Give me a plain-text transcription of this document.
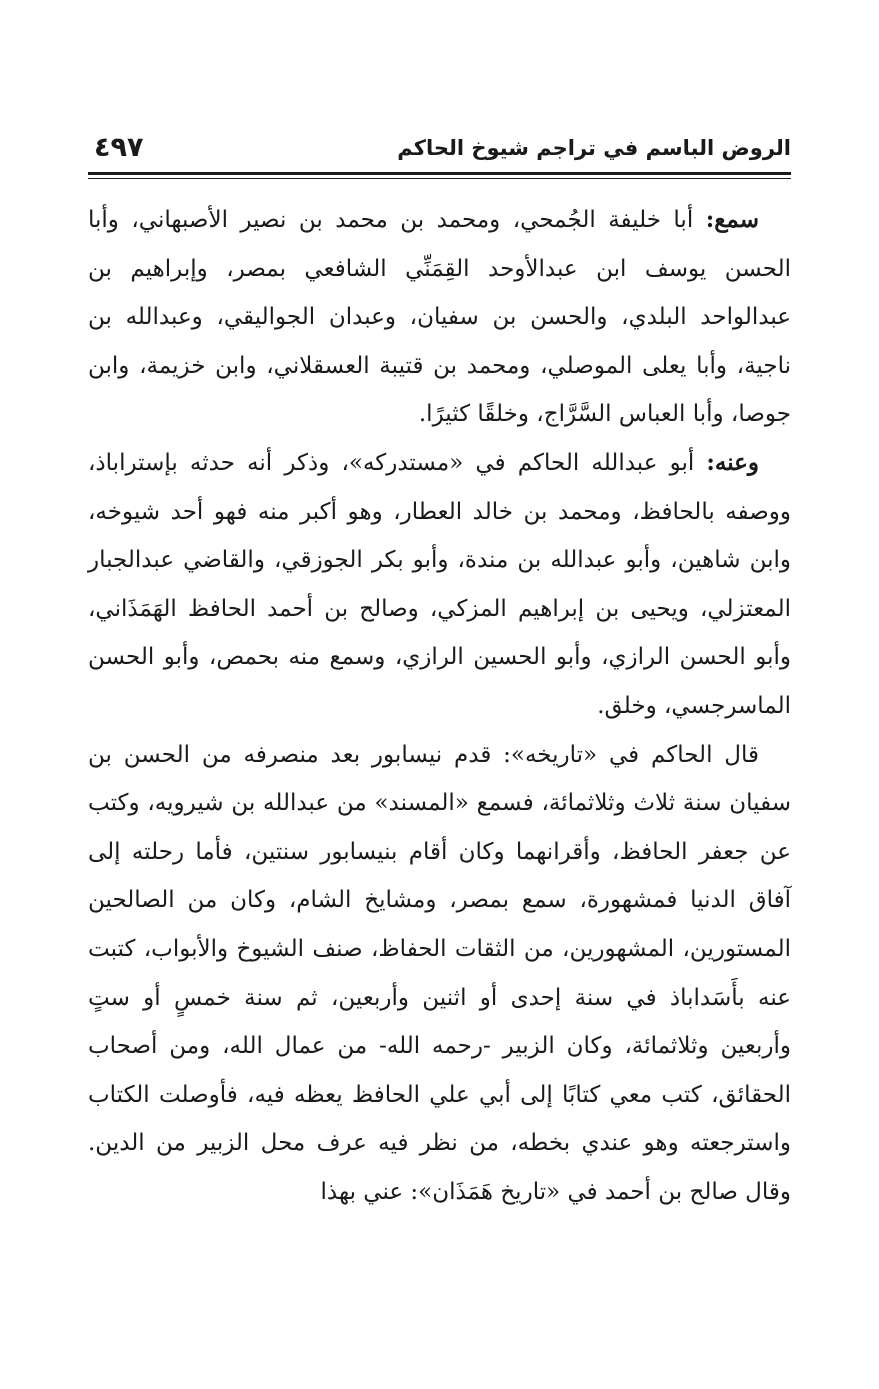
٤٩٧	الروض الباسم في تراجم شيوخ الحاكم

سمع: أبا خليفة الجُمحي، ومحمد بن محمد بن نصير الأصبهاني، وأبا الحسن يوسف ابن عبدالأوحد القِمَنِّي الشافعي بمصر، وإبراهيم بن عبدالواحد البلدي، والحسن بن سفيان، وعبدان الجواليقي، وعبدالله بن ناجية، وأبا يعلى الموصلي، ومحمد بن قتيبة العسقلاني، وابن خزيمة، وابن جوصا، وأبا العباس السَّرَّاج، وخلقًا كثيرًا.

وعنه: أبو عبدالله الحاكم في «مستدركه»، وذكر أنه حدثه بإستراباذ، ووصفه بالحافظ، ومحمد بن خالد العطار، وهو أكبر منه فهو أحد شيوخه، وابن شاهين، وأبو عبدالله بن مندة، وأبو بكر الجوزقي، والقاضي عبدالجبار المعتزلي، ويحيى بن إبراهيم المزكي، وصالح بن أحمد الحافظ الهَمَذَاني، وأبو الحسن الرازي، وأبو الحسين الرازي، وسمع منه بحمص، وأبو الحسن الماسرجسي، وخلق.

قال الحاكم في «تاريخه»: قدم نيسابور بعد منصرفه من الحسن بن سفيان سنة ثلاث وثلاثمائة، فسمع «المسند» من عبدالله بن شيرويه، وكتب عن جعفر الحافظ، وأقرانهما وكان أقام بنيسابور سنتين، فأما رحلته إلى آفاق الدنيا فمشهورة، سمع بمصر، ومشايخ الشام، وكان من الصالحين المستورين، المشهورين، من الثقات الحفاظ، صنف الشيوخ والأبواب، كتبت عنه بأَسَداباذ في سنة إحدى أو اثنين وأربعين، ثم سنة خمسٍ أو ستٍ وأربعين وثلاثمائة، وكان الزبير -رحمه الله- من عمال الله، ومن أصحاب الحقائق، كتب معي كتابًا إلى أبي علي الحافظ يعظه فيه، فأوصلت الكتاب واسترجعته وهو عندي بخطه، من نظر فيه عرف محل الزبير من الدين. وقال صالح بن أحمد في «تاريخ هَمَذَان»: عني بهذا
